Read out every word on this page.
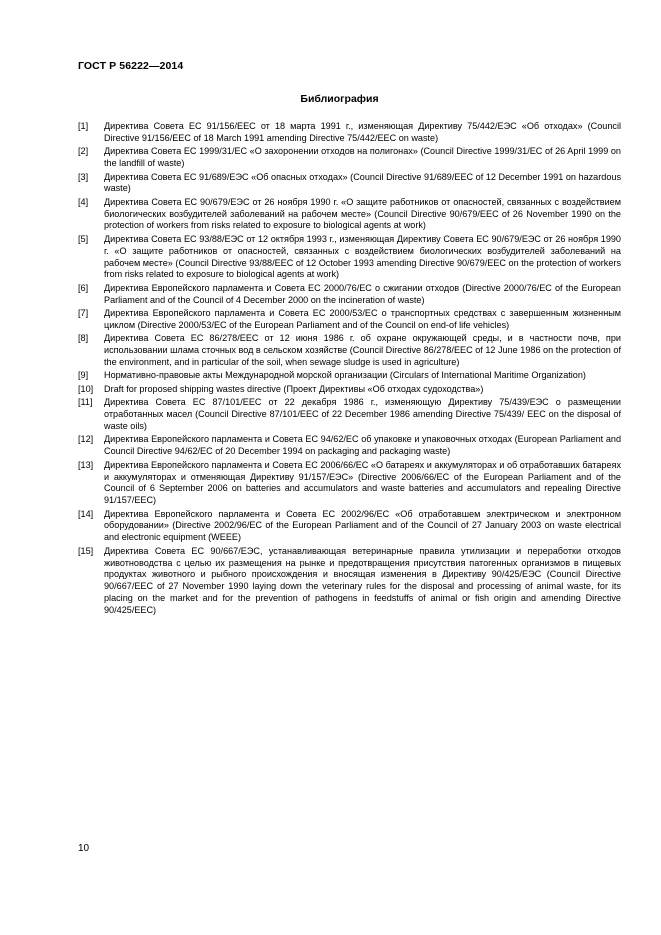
ГОСТ Р 56222—2014
Библиография
[1]	Директива Совета ЕС 91/156/ЕЕС от 18 марта 1991 г., изменяющая Директиву 75/442/ЕЭС «Об отходах» (Council Directive 91/156/EEC of 18 March 1991 amending Directive 75/442/EEC on waste)
[2]	Директива Совета ЕС 1999/31/ЕС «О захоронении отходов на полигонах» (Council Directive 1999/31/EC of 26 April 1999 on the landfill of waste)
[3]	Директива Совета ЕС 91/689/ЕЭС «Об опасных отходах» (Council Directive 91/689/EEC of 12 December 1991 on hazardous waste)
[4]	Директива Совета ЕС 90/679/ЕЭС от 26 ноября 1990 г. «О защите работников от опасностей, связанных с воздействием биологических возбудителей заболеваний на рабочем месте» (Council Directive 90/679/EEC of 26 November 1990 on the protection of workers from risks related to exposure to biological agents at work)
[5]	Директива Совета ЕС 93/88/ЕЭС от 12 октября 1993 г., изменяющая Директиву Совета ЕС 90/679/ЕЭС от 26 ноября 1990 г. «О защите работников от опасностей, связанных с воздействием биологических возбудителей заболеваний на рабочем месте» (Council Directive 93/88/EEC of 12 October 1993 amending Directive 90/679/EEC on the protection of workers from risks related to exposure to biological agents at work)
[6]	Директива Европейского парламента и Совета ЕС 2000/76/ЕС о сжигании отходов (Directive 2000/76/EC of the European Parliament and of the Council of 4 December 2000 on the incineration of waste)
[7]	Директива Европейского парламента и Совета ЕС 2000/53/ЕС о транспортных средствах с завершенным жизненным циклом (Directive 2000/53/EC of the European Parliament and of the Council on end-of life vehicles)
[8]	Директива Совета ЕС 86/278/ЕЕС от 12 июня 1986 г. об охране окружающей среды, и в частности почв, при использовании шлама сточных вод в сельском хозяйстве (Council Directive 86/278/EEC of 12 June 1986 on the protection of the environment, and in particular of the soil, when sewage sludge is used in agriculture)
[9]	Нормативно-правовые акты Международной морской организации (Circulars of International Maritime Organization)
[10]	Draft for proposed shipping wastes directive (Проект Директивы «Об отходах судоходства»)
[11]	Директива Совета ЕС 87/101/ЕЕС от 22 декабря 1986 г., изменяющую Директиву 75/439/ЕЭС о размещении отработанных масел (Council Directive 87/101/EEC of 22 December 1986 amending Directive 75/439/ EEC on the disposal of waste oils)
[12]	Директива Европейского парламента и Совета ЕС 94/62/ЕС об упаковке и упаковочных отходах (European Parliament and Council Directive 94/62/EC of 20 December 1994 on packaging and packaging waste)
[13]	Директива Европейского парламента и Совета ЕС 2006/66/ЕС «О батареях и аккумуляторах и об отработавших батареях и аккумуляторах и отменяющая Директиву 91/157/ЕЭС» (Directive 2006/66/EC of the European Parliament and of the Council of 6 September 2006 on batteries and accumulators and waste batteries and accumulators and repealing Directive 91/157/EEC)
[14]	Директива Европейского парламента и Совета ЕС 2002/96/ЕС «Об отработавшем электрическом и электронном оборудовании» (Directive 2002/96/EC of the European Parliament and of the Council of 27 January 2003 on waste electrical and electronic equipment (WEEE)
[15]	Директива Совета ЕС 90/667/ЕЭС, устанавливающая ветеринарные правила утилизации и переработки отходов животноводства с целью их размещения на рынке и предотвращения присутствия патогенных организмов в пищевых продуктах животного и рыбного происхождения и вносящая изменения в Директиву 90/425/ЕЭС (Council Directive 90/667/EEC of 27 November 1990 laying down the veterinary rules for the disposal and processing of animal waste, for its placing on the market and for the prevention of pathogens in feedstuffs of animal or fish origin and amending Directive 90/425/EEC)
10
